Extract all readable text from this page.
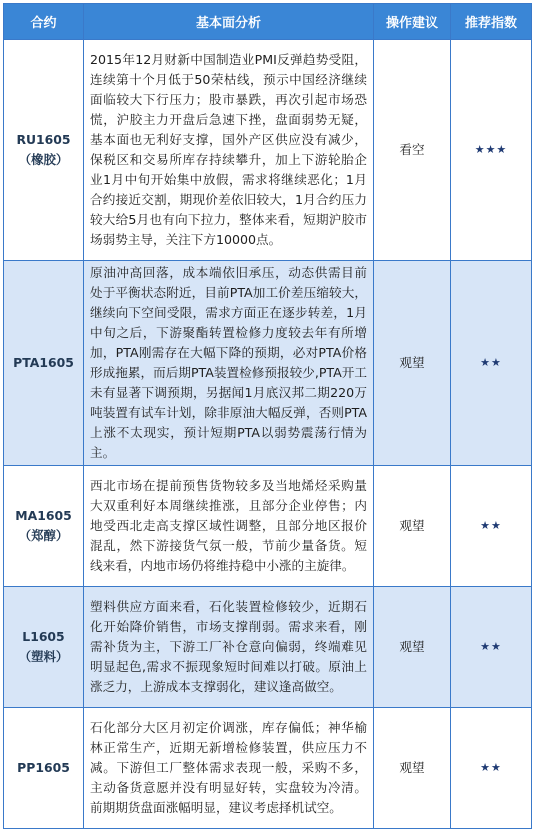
合约	基本面分析	操作建议	推荐指数

RU1605
（橡胶）	2015年12月财新中国制造业PMI反弹趋势受阻，连续第十个月低于50荣枯线，预示中国经济继续面临较大下行压力；股市暴跌，再次引起市场恐慌，沪胶主力开盘后急速下挫，盘面弱势无疑，基本面也无利好支撑，国外产区供应没有减少，保税区和交易所库存持续攀升，加上下游轮胎企业1月中旬开始集中放假，需求将继续恶化；1月合约接近交割，期现价差依旧较大，1月合约压力较大给5月也有向下拉力，整体来看，短期沪胶市场弱势主导，关注下方10000点。	看空	★★★

PTA1605	原油冲高回落，成本端依旧承压，动态供需目前处于平衡状态附近，目前PTA加工价差压缩较大，继续向下空间受限，需求方面正在逐步转差，1月中旬之后，下游聚酯转置检修力度较去年有所增加，PTA刚需存在大幅下降的预期，必对PTA价格形成拖累，而后期PTA装置检修预报较少,PTA开工未有显著下调预期，另据闻1月底汉邦二期220万吨装置有试车计划，除非原油大幅反弹，否则PTA上涨不太现实，预计短期PTA以弱势震荡行情为主。	观望	★★

MA1605
（郑醇）	西北市场在提前预售货物较多及当地烯烃采购量大双重利好本周继续推涨，且部分企业停售；内地受西北走高支撑区域性调整，且部分地区报价混乱，然下游接货气氛一般，节前少量备货。短线来看，内地市场仍将维持稳中小涨的主旋律。	观望	★★

L1605
（塑料）	塑料供应方面来看，石化装置检修较少，近期石化开始降价销售，市场支撑削弱。需求来看，刚需补货为主，下游工厂补仓意向偏弱，终端难见明显起色,需求不振现象短时间难以打破。原油上涨乏力，上游成本支撑弱化，建议逢高做空。	观望	★★

PP1605	石化部分大区月初定价调涨，库存偏低；神华榆林正常生产，近期无新增检修装置，供应压力不减。下游但工厂整体需求表现一般，采购不多，主动备货意愿并没有明显好转，实盘较为冷清。前期期货盘面涨幅明显，建议考虑择机试空。	观望	★★
